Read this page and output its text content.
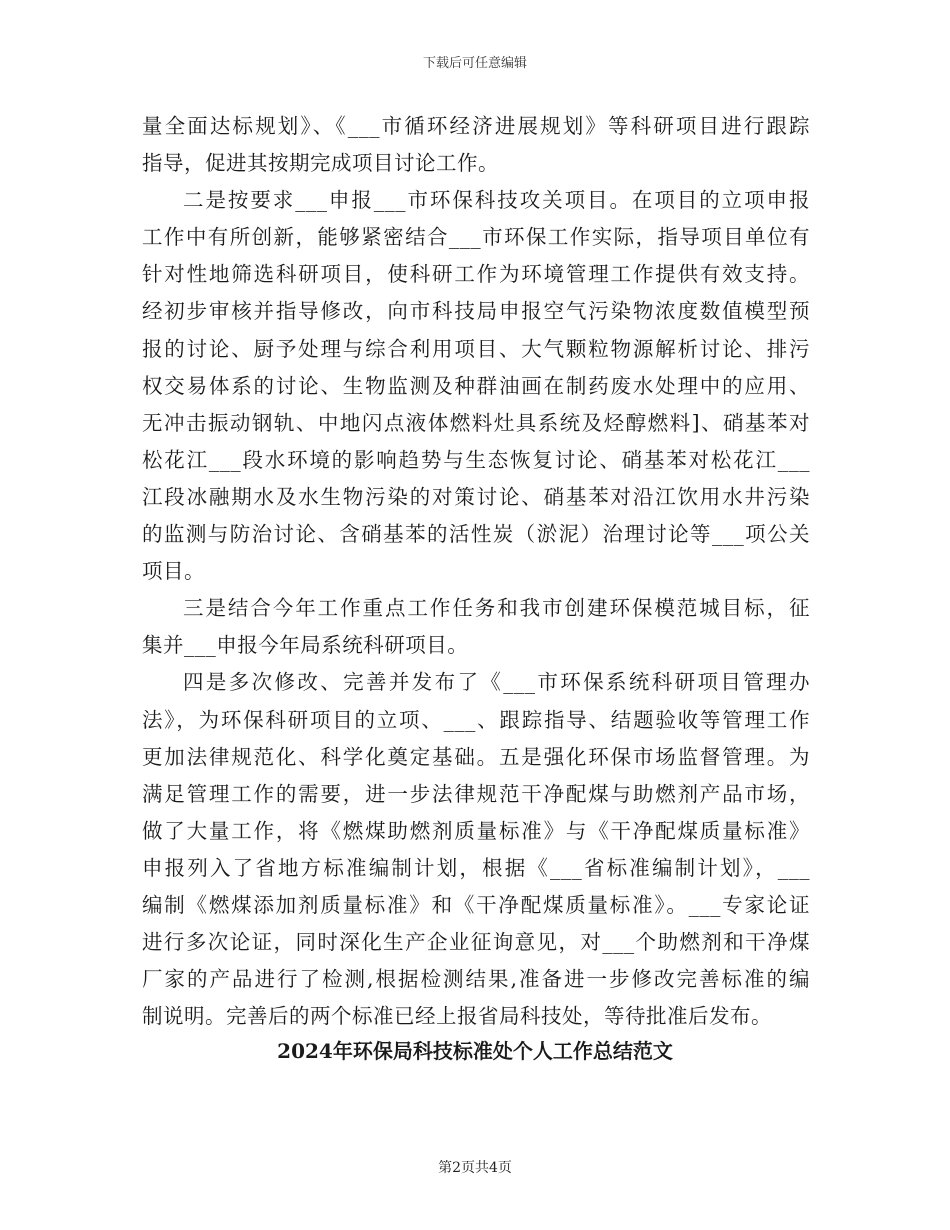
下载后可任意编辑
量全面达标规划》、《___市循环经济进展规划》等科研项目进行跟踪
指导，促进其按期完成项目讨论工作。
二是按要求___申报___市环保科技攻关项目。在项目的立项申报
工作中有所创新，能够紧密结合___市环保工作实际，指导项目单位有
针对性地筛选科研项目，使科研工作为环境管理工作提供有效支持。
经初步审核并指导修改，向市科技局申报空气污染物浓度数值模型预
报的讨论、厨予处理与综合利用项目、大气颗粒物源解析讨论、排污
权交易体系的讨论、生物监测及种群油画在制药废水处理中的应用、
无冲击振动钢轨、中地闪点液体燃料灶具系统及烃醇燃料]、硝基苯对
松花江___段水环境的影响趋势与生态恢复讨论、硝基苯对松花江___
江段冰融期水及水生物污染的对策讨论、硝基苯对沿江饮用水井污染
的监测与防治讨论、含硝基苯的活性炭（淤泥）治理讨论等___项公关
项目。
三是结合今年工作重点工作任务和我市创建环保模范城目标，征
集并___申报今年局系统科研项目。
四是多次修改、完善并发布了《___市环保系统科研项目管理办
法》，为环保科研项目的立项、___、跟踪指导、结题验收等管理工作
更加法律规范化、科学化奠定基础。五是强化环保市场监督管理。为
满足管理工作的需要，进一步法律规范干净配煤与助燃剂产品市场，
做了大量工作，将《燃煤助燃剂质量标准》与《干净配煤质量标准》
申报列入了省地方标准编制计划，根据《___省标准编制计划》，___
编制《燃煤添加剂质量标准》和《干净配煤质量标准》。___专家论证
进行多次论证，同时深化生产企业征询意见，对___个助燃剂和干净煤
厂家的产品进行了检测,根据检测结果,准备进一步修改完善标准的编
制说明。完善后的两个标准已经上报省局科技处，等待批准后发布。
2024年环保局科技标准处个人工作总结范文
第2页共4页
